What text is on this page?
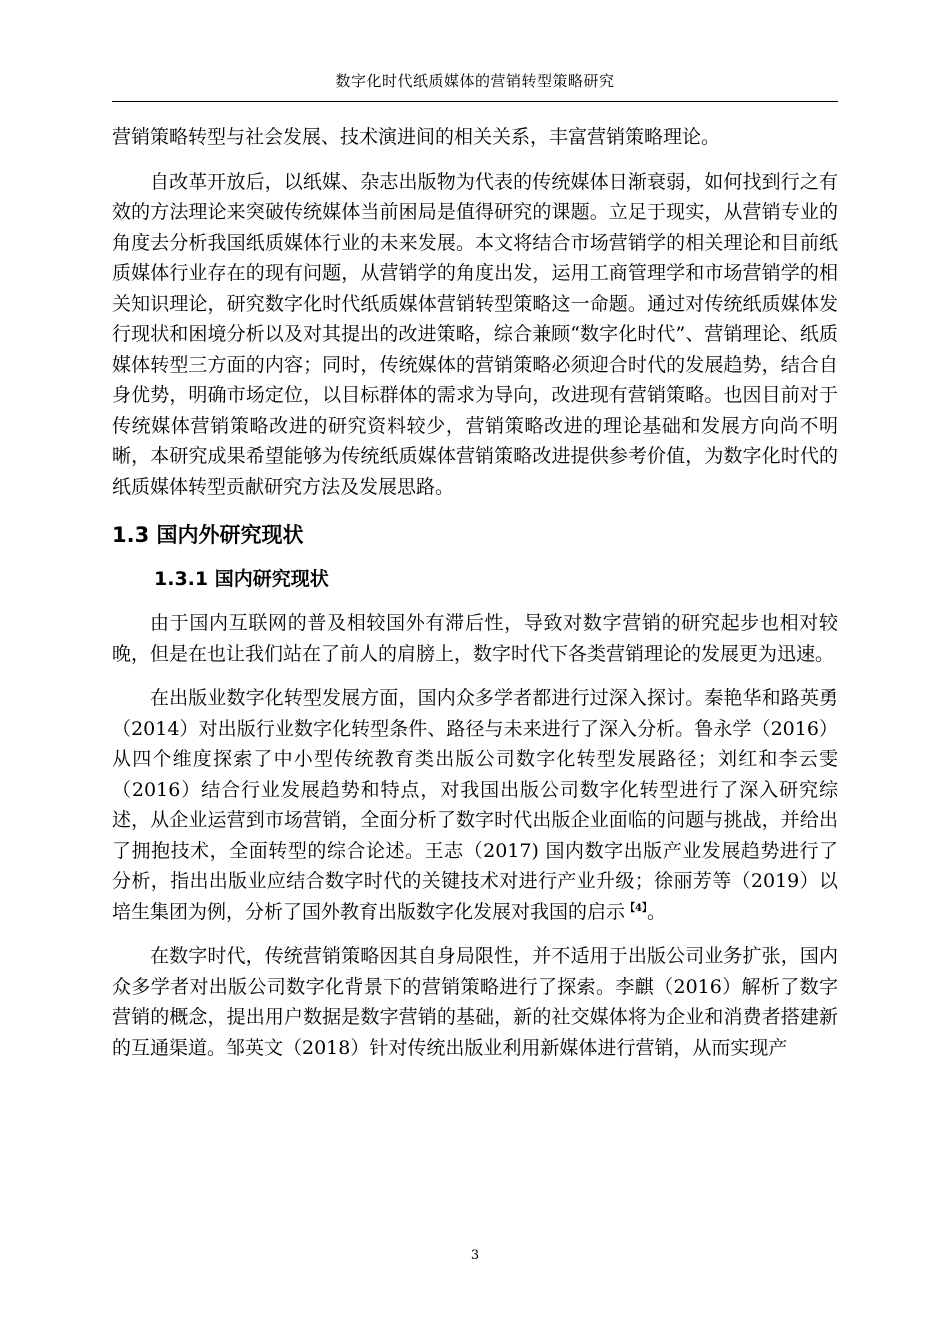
数字化时代纸质媒体的营销转型策略研究

营销策略转型与社会发展、技术演进间的相关关系，丰富营销策略理论。

自改革开放后，以纸媒、杂志出版物为代表的传统媒体日渐衰弱，如何找到行之有效的方法理论来突破传统媒体当前困局是值得研究的课题。立足于现实，从营销专业的角度去分析我国纸质媒体行业的未来发展。本文将结合市场营销学的相关理论和目前纸质媒体行业存在的现有问题，从营销学的角度出发，运用工商管理学和市场营销学的相关知识理论，研究数字化时代纸质媒体营销转型策略这一命题。通过对传统纸质媒体发行现状和困境分析以及对其提出的改进策略，综合兼顾“数字化时代”、营销理论、纸质媒体转型三方面的内容；同时，传统媒体的营销策略必须迎合时代的发展趋势，结合自身优势，明确市场定位，以目标群体的需求为导向，改进现有营销策略。也因目前对于传统媒体营销策略改进的研究资料较少，营销策略改进的理论基础和发展方向尚不明晰，本研究成果希望能够为传统纸质媒体营销策略改进提供参考价值，为数字化时代的纸质媒体转型贡献研究方法及发展思路。

1.3 国内外研究现状
1.3.1 国内研究现状

由于国内互联网的普及相较国外有滞后性，导致对数字营销的研究起步也相对较晚，但是在也让我们站在了前人的肩膀上，数字时代下各类营销理论的发展更为迅速。

在出版业数字化转型发展方面，国内众多学者都进行过深入探讨。秦艳华和路英勇（2014）对出版行业数字化转型条件、路径与未来进行了深入分析。鲁永学（2016）从四个维度探索了中小型传统教育类出版公司数字化转型发展路径；刘红和李云雯（2016）结合行业发展趋势和特点，对我国出版公司数字化转型进行了深入研究综述，从企业运营到市场营销，全面分析了数字时代出版企业面临的问题与挑战，并给出了拥抱技术，全面转型的综合论述。王志（2017) 国内数字出版产业发展趋势进行了分析，指出出版业应结合数字时代的关键技术对进行产业升级；徐丽芳等（2019）以培生集团为例，分析了国外教育出版数字化发展对我国的启示$^{【4】}$。

在数字时代，传统营销策略因其自身局限性，并不适用于出版公司业务扩张，国内众多学者对出版公司数字化背景下的营销策略进行了探索。李麒（2016）解析了数字营销的概念，提出用户数据是数字营销的基础，新的社交媒体将为企业和消费者搭建新的互通渠道。邹英文（2018）针对传统出版业利用新媒体进行营销，从而实现产

3
